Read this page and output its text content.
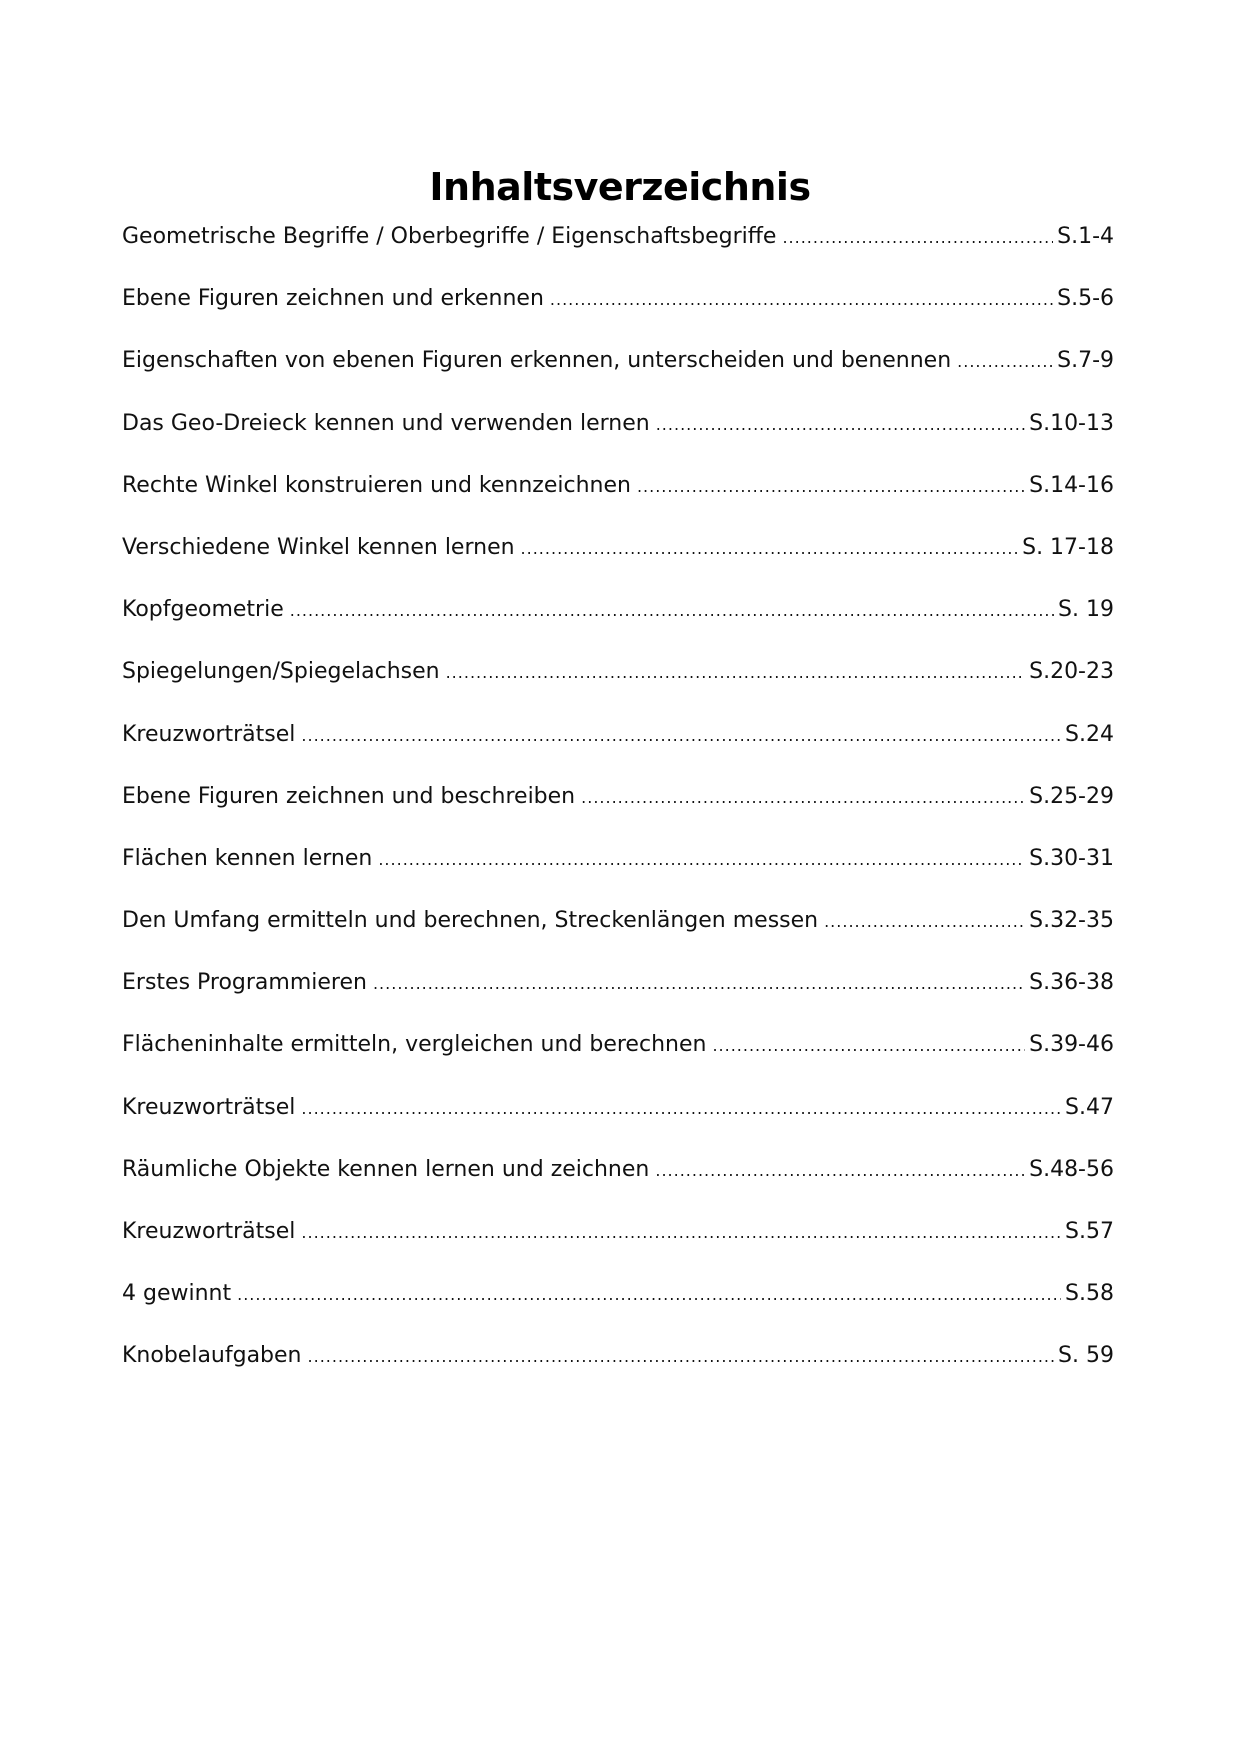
Inhaltsverzeichnis
Geometrische Begriffe / Oberbegriffe / Eigenschaftsbegriffe .....	S.1-4
Ebene Figuren zeichnen und erkennen .....	S.5-6
Eigenschaften von ebenen Figuren erkennen, unterscheiden und benennen .....	S.7-9
Das Geo-Dreieck kennen und verwenden lernen .....	S.10-13
Rechte Winkel konstruieren und kennzeichnen .....	S.14-16
Verschiedene Winkel kennen lernen .....	S. 17-18
Kopfgeometrie .....	S. 19
Spiegelungen/Spiegelachsen .....	S.20-23
Kreuzworträtsel .....	S.24
Ebene Figuren zeichnen und beschreiben .....	S.25-29
Flächen kennen lernen .....	S.30-31
Den Umfang ermitteln und berechnen, Streckenlängen messen .....	S.32-35
Erstes Programmieren .....	S.36-38
Flächeninhalte ermitteln, vergleichen und berechnen .....	S.39-46
Kreuzworträtsel .....	S.47
Räumliche Objekte kennen lernen und zeichnen .....	S.48-56
Kreuzworträtsel .....	S.57
4 gewinnt .....	S.58
Knobelaufgaben .....	S. 59
